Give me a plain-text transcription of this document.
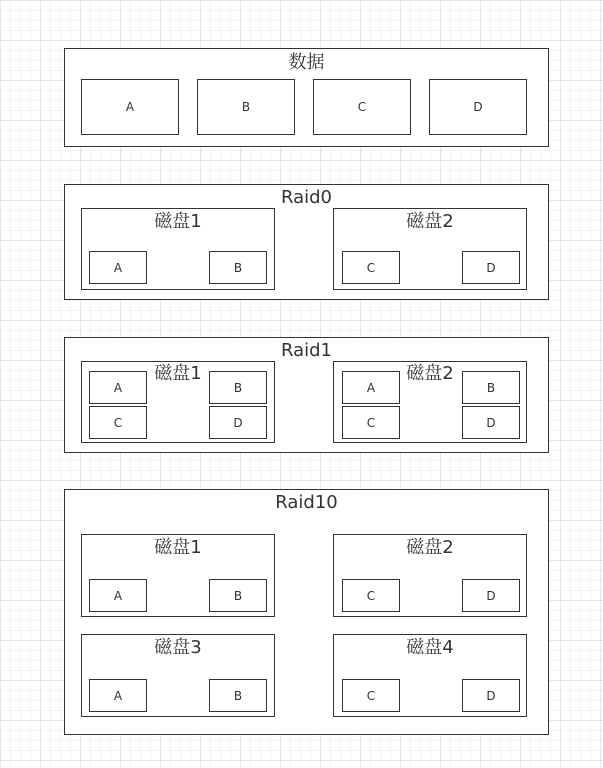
数据
A	B	C	D
Raid0
磁盘1
A	B
磁盘2
C	D
Raid1
磁盘1
A	B
C	D
磁盘2
A	B
C	D
Raid10
磁盘1
A	B
磁盘2
C	D
磁盘3
A	B
磁盘4
C	D
